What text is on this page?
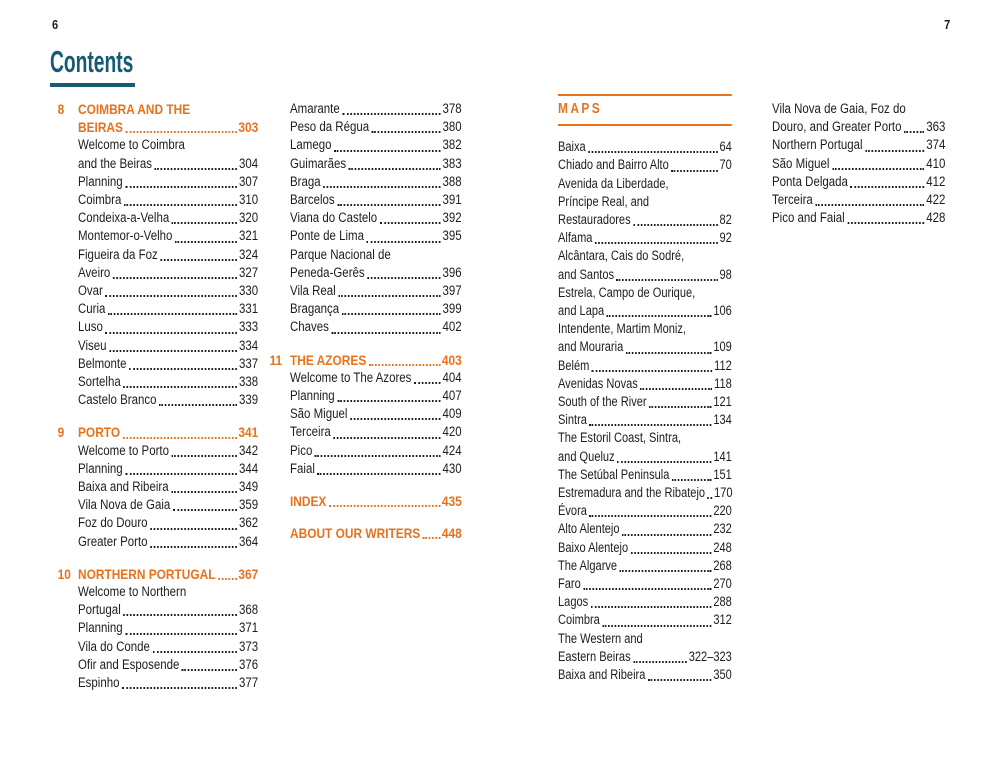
6	7
Contents
8 COIMBRA AND THE
BEIRAS	303
Welcome to Coimbra
and the Beiras	304
Planning	307
Coimbra	310
Condeixa-a-Velha	320
Montemor-o-Velho	321
Figueira da Foz	324
Aveiro	327
Ovar	330
Curia	331
Luso	333
Viseu	334
Belmonte	337
Sortelha	338
Castelo Branco	339
9 PORTO	341
Welcome to Porto	342
Planning	344
Baixa and Ribeira	349
Vila Nova de Gaia	359
Foz do Douro	362
Greater Porto	364
10 NORTHERN PORTUGAL 367
Welcome to Northern
Portugal	368
Planning	371
Vila do Conde	373
Ofir and Esposende	376
Espinho	377
Amarante	378
Peso da Régua	380
Lamego	382
Guimarães	383
Braga	388
Barcelos	391
Viana do Castelo	392
Ponte de Lima	395
Parque Nacional de
Peneda-Gerês	396
Vila Real	397
Bragança	399
Chaves	402
11 THE AZORES	403
Welcome to The Azores 404
Planning	407
São Miguel	409
Terceira	420
Pico	424
Faial	430
INDEX	435
ABOUT OUR WRITERS 448
MAPS
Baixa	64
Chiado and Bairro Alto	70
Avenida da Liberdade,
Príncipe Real, and
Restauradores	82
Alfama	92
Alcântara, Cais do Sodré,
and Santos	98
Estrela, Campo de Ourique,
and Lapa	106
Intendente, Martim Moniz,
and Mouraria	109
Belém	112
Avenidas Novas	118
South of the River	121
Sintra	134
The Estoril Coast, Sintra,
and Queluz	141
The Setúbal Peninsula	151
Estremadura and the Ribatejo 170
Évora	220
Alto Alentejo	232
Baixo Alentejo	248
The Algarve	268
Faro	270
Lagos	288
Coimbra	312
The Western and
Eastern Beiras	322–323
Baixa and Ribeira	350
Vila Nova de Gaia, Foz do
Douro, and Greater Porto 363
Northern Portugal	374
São Miguel	410
Ponta Delgada	412
Terceira	422
Pico and Faial	428
